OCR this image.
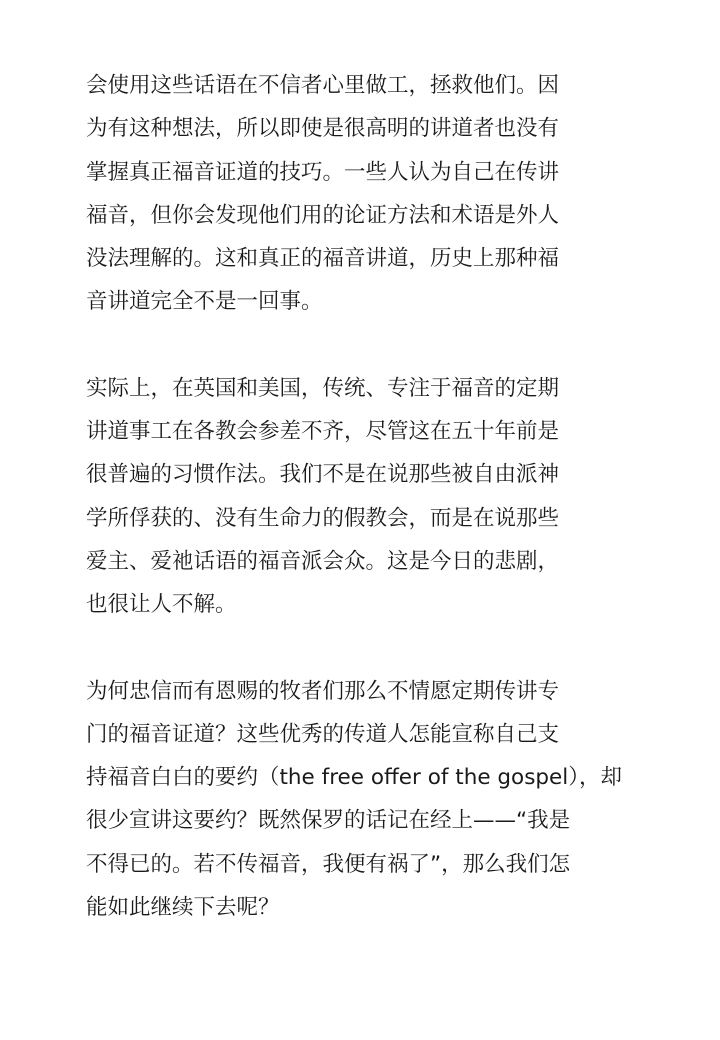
会使用这些话语在不信者心里做工，拯救他们。因
为有这种想法，所以即使是很高明的讲道者也没有
掌握真正福音证道的技巧。一些人认为自己在传讲
福音，但你会发现他们用的论证方法和术语是外人
没法理解的。这和真正的福音讲道，历史上那种福
音讲道完全不是一回事。

实际上，在英国和美国，传统、专注于福音的定期
讲道事工在各教会参差不齐，尽管这在五十年前是
很普遍的习惯作法。我们不是在说那些被自由派神
学所俘获的、没有生命力的假教会，而是在说那些
爱主、爱祂话语的福音派会众。这是今日的悲剧，
也很让人不解。

为何忠信而有恩赐的牧者们那么不情愿定期传讲专
门的福音证道？这些优秀的传道人怎能宣称自己支
持福音白白的要约（the free offer of the gospel），却
很少宣讲这要约？既然保罗的话记在经上——“我是
不得已的。若不传福音，我便有祸了”，那么我们怎
能如此继续下去呢？
